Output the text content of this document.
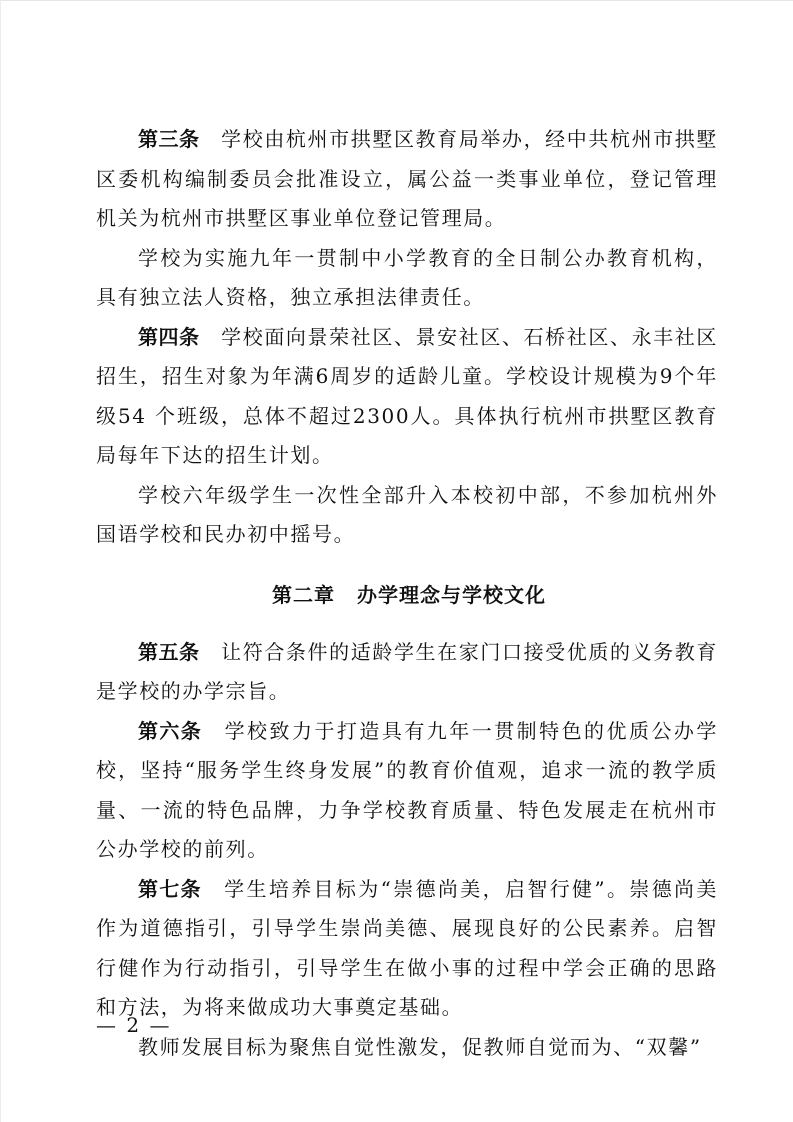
第三条　 学校由杭州市拱墅区教育局举办，经中共杭州市拱墅区委机构编制委员会批准设立，属公益一类事业单位，登记管理机关为杭州市拱墅区事业单位登记管理局。

学校为实施九年一贯制中小学教育的全日制公办教育机构，具有独立法人资格，独立承担法律责任。

第四条　 学校面向景荣社区、景安社区、石桥社区、永丰社区招生，招生对象为年满6周岁的适龄儿童。学校设计规模为9个年级54 个班级，总体不超过2300人。具体执行杭州市拱墅区教育局每年下达的招生计划。

学校六年级学生一次性全部升入本校初中部，不参加杭州外国语学校和民办初中摇号。

第二章 办学理念与学校文化

第五条　 让符合条件的适龄学生在家门口接受优质的义务教育是学校的办学宗旨。

第六条　 学校致力于打造具有九年一贯制特色的优质公办学校，坚持“服务学生终身发展”的教育价值观，追求一流的教学质量、一流的特色品牌，力争学校教育质量、特色发展走在杭州市公办学校的前列。

第七条　 学生培养目标为“崇德尚美，启智行健”。崇德尚美作为道德指引，引导学生崇尚美德、展现良好的公民素养。启智行健作为行动指引，引导学生在做小事的过程中学会正确的思路和方法，为将来做成功大事奠定基础。

教师发展目标为聚焦自觉性激发，促教师自觉而为、“双馨”

— 2 —
